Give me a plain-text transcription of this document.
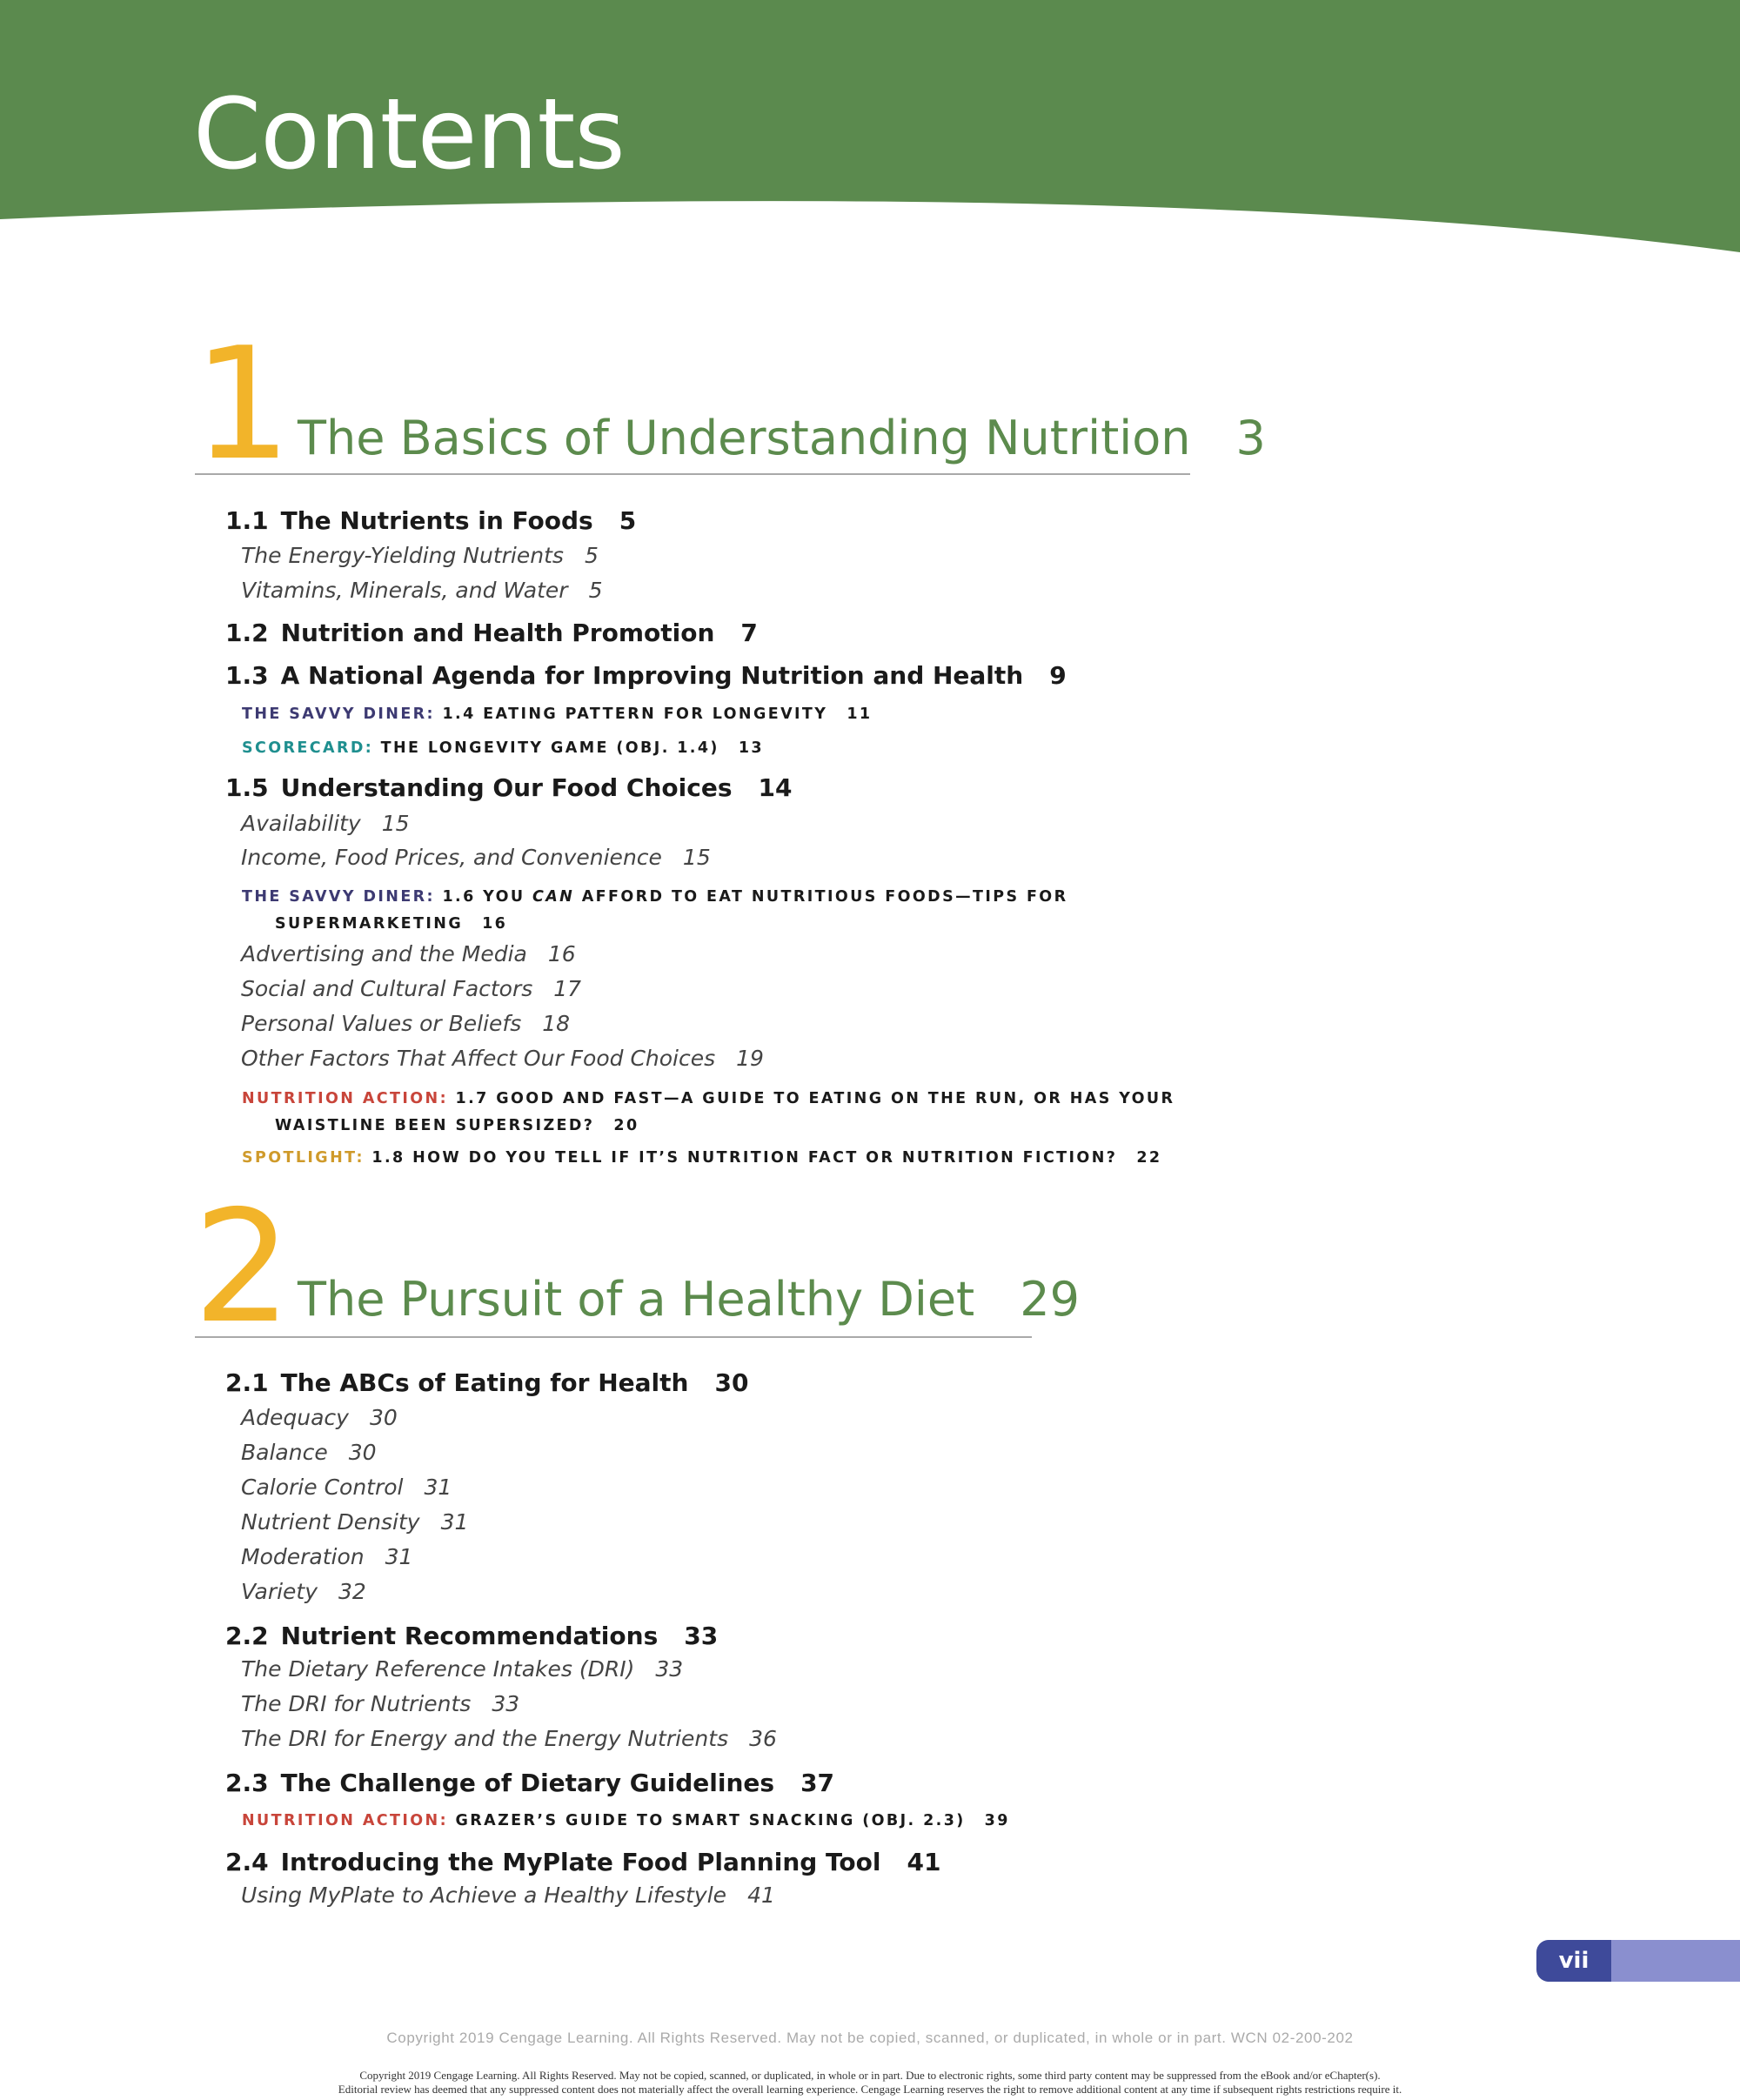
Contents
1 The Basics of Understanding Nutrition 3
1.1 The Nutrients in Foods 5
The Energy-Yielding Nutrients 5
Vitamins, Minerals, and Water 5
1.2 Nutrition and Health Promotion 7
1.3 A National Agenda for Improving Nutrition and Health 9
THE SAVVY DINER: 1.4 EATING PATTERN FOR LONGEVITY 11
SCORECARD: THE LONGEVITY GAME (OBJ. 1.4) 13
1.5 Understanding Our Food Choices 14
Availability 15
Income, Food Prices, and Convenience 15
THE SAVVY DINER: 1.6 YOU CAN AFFORD TO EAT NUTRITIOUS FOODS—TIPS FOR
SUPERMARKETING 16
Advertising and the Media 16
Social and Cultural Factors 17
Personal Values or Beliefs 18
Other Factors That Affect Our Food Choices 19
NUTRITION ACTION: 1.7 GOOD AND FAST—A GUIDE TO EATING ON THE RUN, OR HAS YOUR
WAISTLINE BEEN SUPERSIZED? 20
SPOTLIGHT: 1.8 HOW DO YOU TELL IF IT’S NUTRITION FACT OR NUTRITION FICTION? 22
2 The Pursuit of a Healthy Diet 29
2.1 The ABCs of Eating for Health 30
Adequacy 30
Balance 30
Calorie Control 31
Nutrient Density 31
Moderation 31
Variety 32
2.2 Nutrient Recommendations 33
The Dietary Reference Intakes (DRI) 33
The DRI for Nutrients 33
The DRI for Energy and the Energy Nutrients 36
2.3 The Challenge of Dietary Guidelines 37
NUTRITION ACTION: GRAZER’S GUIDE TO SMART SNACKING (OBJ. 2.3) 39
2.4 Introducing the MyPlate Food Planning Tool 41
Using MyPlate to Achieve a Healthy Lifestyle 41
vii
Copyright 2019 Cengage Learning. All Rights Reserved. May not be copied, scanned, or duplicated, in whole or in part. WCN 02-200-202
Copyright 2019 Cengage Learning. All Rights Reserved. May not be copied, scanned, or duplicated, in whole or in part. Due to electronic rights, some third party content may be suppressed from the eBook and/or eChapter(s).
Editorial review has deemed that any suppressed content does not materially affect the overall learning experience. Cengage Learning reserves the right to remove additional content at any time if subsequent rights restrictions require it.
